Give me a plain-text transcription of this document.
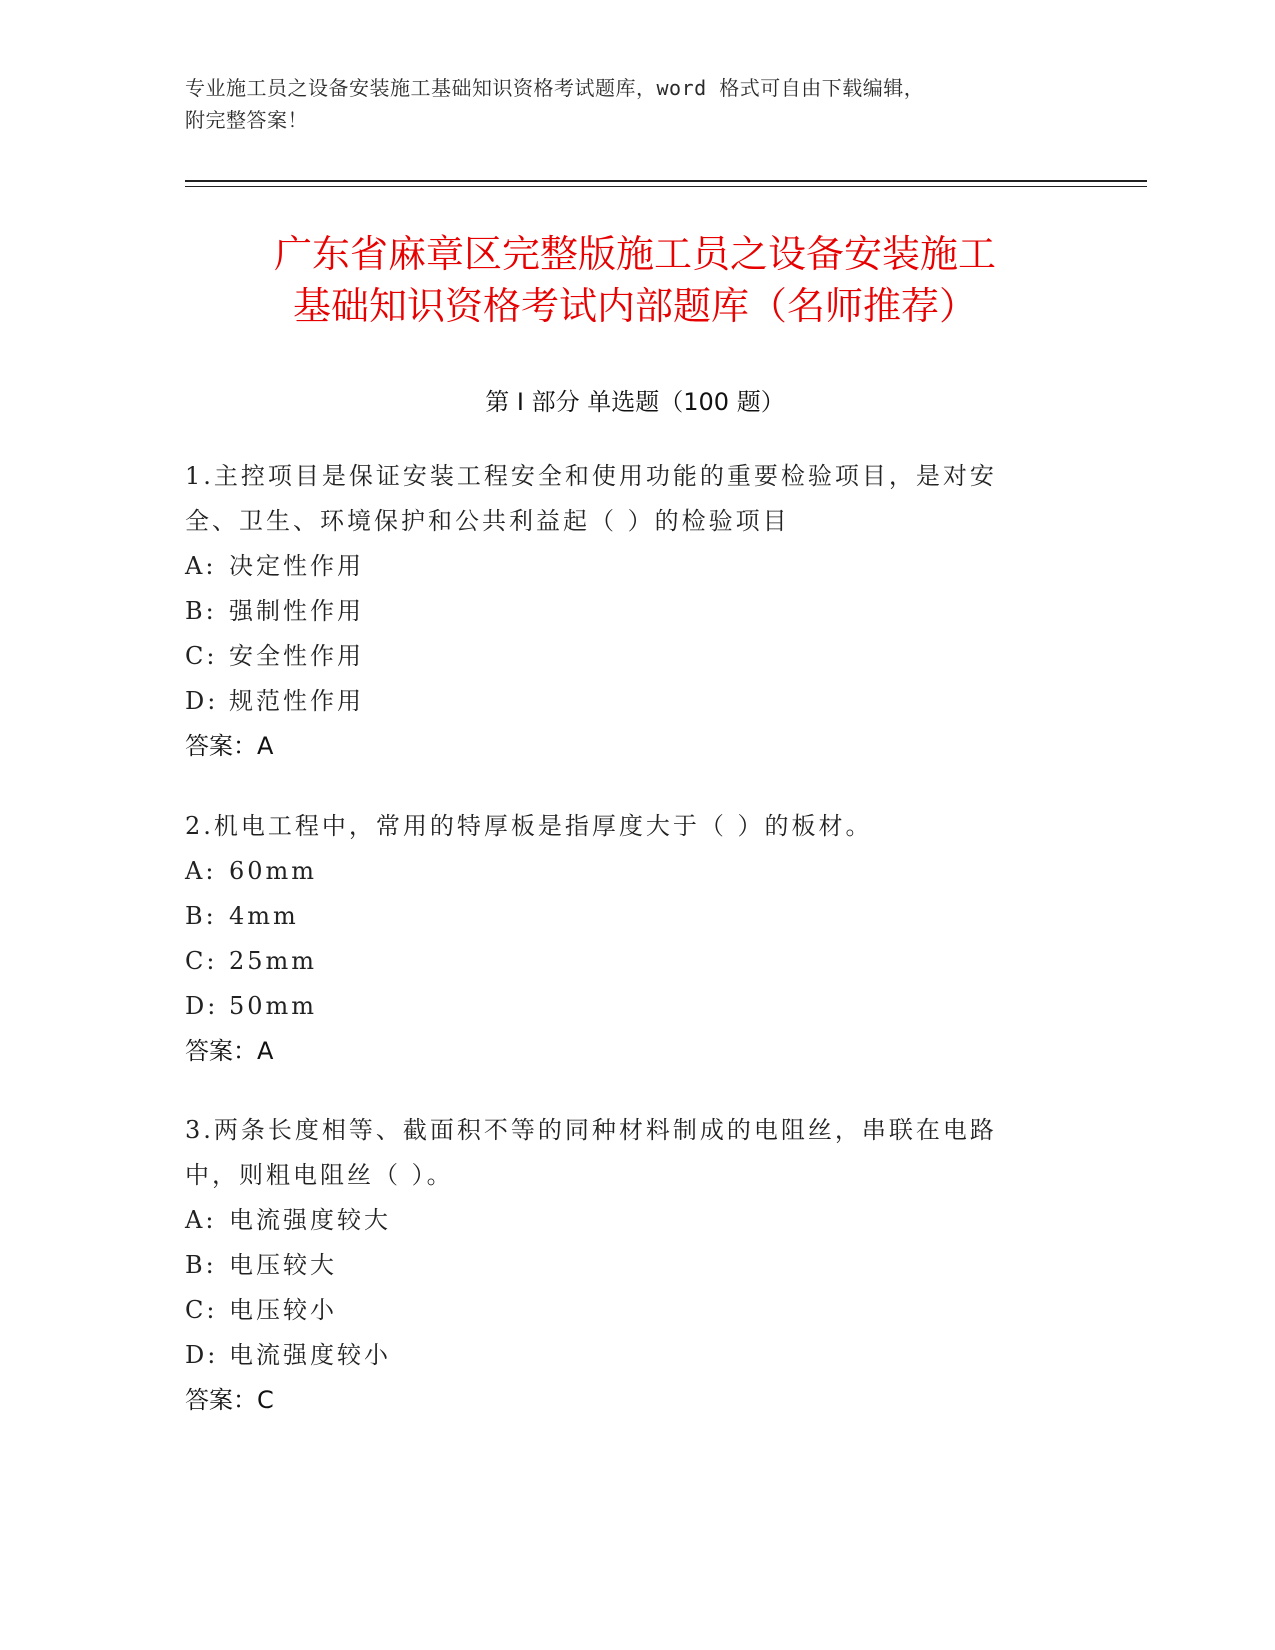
专业施工员之设备安装施工基础知识资格考试题库，word 格式可自由下载编辑，
附完整答案！
广东省麻章区完整版施工员之设备安装施工
基础知识资格考试内部题库（名师推荐）
第 I 部分 单选题（100 题）
1.主控项目是保证安装工程安全和使用功能的重要检验项目，是对安
全、卫生、环境保护和公共利益起（ ）的检验项目
A: 决定性作用
B: 强制性作用
C: 安全性作用
D: 规范性作用
答案：A
2.机电工程中，常用的特厚板是指厚度大于（ ）的板材。
A: 60mm
B: 4mm
C: 25mm
D: 50mm
答案：A
3.两条长度相等、截面积不等的同种材料制成的电阻丝，串联在电路
中，则粗电阻丝（ ）。
A: 电流强度较大
B: 电压较大
C: 电压较小
D: 电流强度较小
答案：C
